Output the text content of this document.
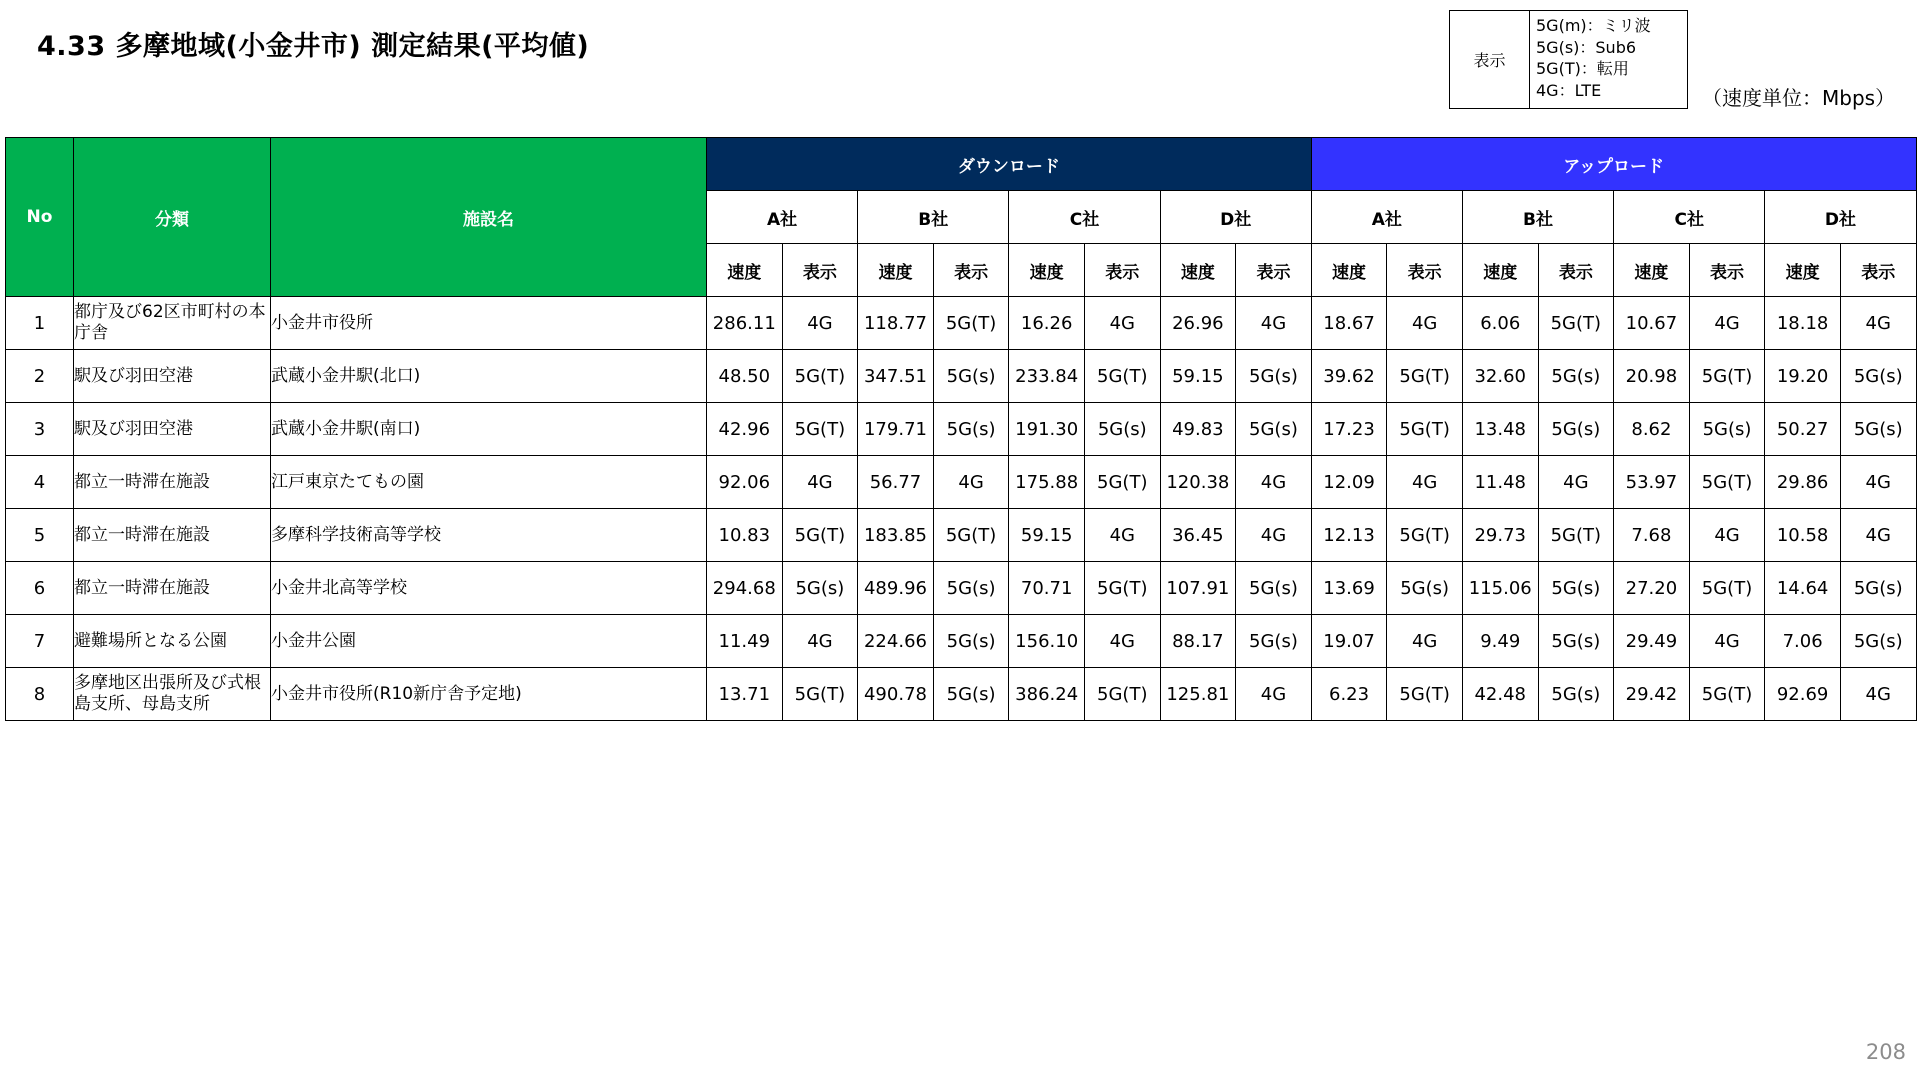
4.33 多摩地域(小金井市) 測定結果(平均値)	表示
5G(m)：ミリ波
5G(s)：Sub6
5G(T)：転用
4G：LTE	（速度単位：Mbps）
No	分類	施設名	ダウンロード								アップロード							
			A社		B社		C社		D社		A社		B社		C社		D社	
			速度	表示	速度	表示	速度	表示	速度	表示	速度	表示	速度	表示	速度	表示	速度	表示
1	都庁及び62区市町村の本庁舎	小金井市役所	286.11	4G	118.77	5G(T)	16.26	4G	26.96	4G	18.67	4G	6.06	5G(T)	10.67	4G	18.18	4G
2	駅及び羽田空港	武蔵小金井駅(北口)	48.50	5G(T)	347.51	5G(s)	233.84	5G(T)	59.15	5G(s)	39.62	5G(T)	32.60	5G(s)	20.98	5G(T)	19.20	5G(s)
3	駅及び羽田空港	武蔵小金井駅(南口)	42.96	5G(T)	179.71	5G(s)	191.30	5G(s)	49.83	5G(s)	17.23	5G(T)	13.48	5G(s)	8.62	5G(s)	50.27	5G(s)
4	都立一時滞在施設	江戸東京たてもの園	92.06	4G	56.77	4G	175.88	5G(T)	120.38	4G	12.09	4G	11.48	4G	53.97	5G(T)	29.86	4G
5	都立一時滞在施設	多摩科学技術高等学校	10.83	5G(T)	183.85	5G(T)	59.15	4G	36.45	4G	12.13	5G(T)	29.73	5G(T)	7.68	4G	10.58	4G
6	都立一時滞在施設	小金井北高等学校	294.68	5G(s)	489.96	5G(s)	70.71	5G(T)	107.91	5G(s)	13.69	5G(s)	115.06	5G(s)	27.20	5G(T)	14.64	5G(s)
7	避難場所となる公園	小金井公園	11.49	4G	224.66	5G(s)	156.10	4G	88.17	5G(s)	19.07	4G	9.49	5G(s)	29.49	4G	7.06	5G(s)
8	多摩地区出張所及び式根島支所、母島支所	小金井市役所(R10新庁舎予定地)	13.71	5G(T)	490.78	5G(s)	386.24	5G(T)	125.81	4G	6.23	5G(T)	42.48	5G(s)	29.42	5G(T)	92.69	4G
208
